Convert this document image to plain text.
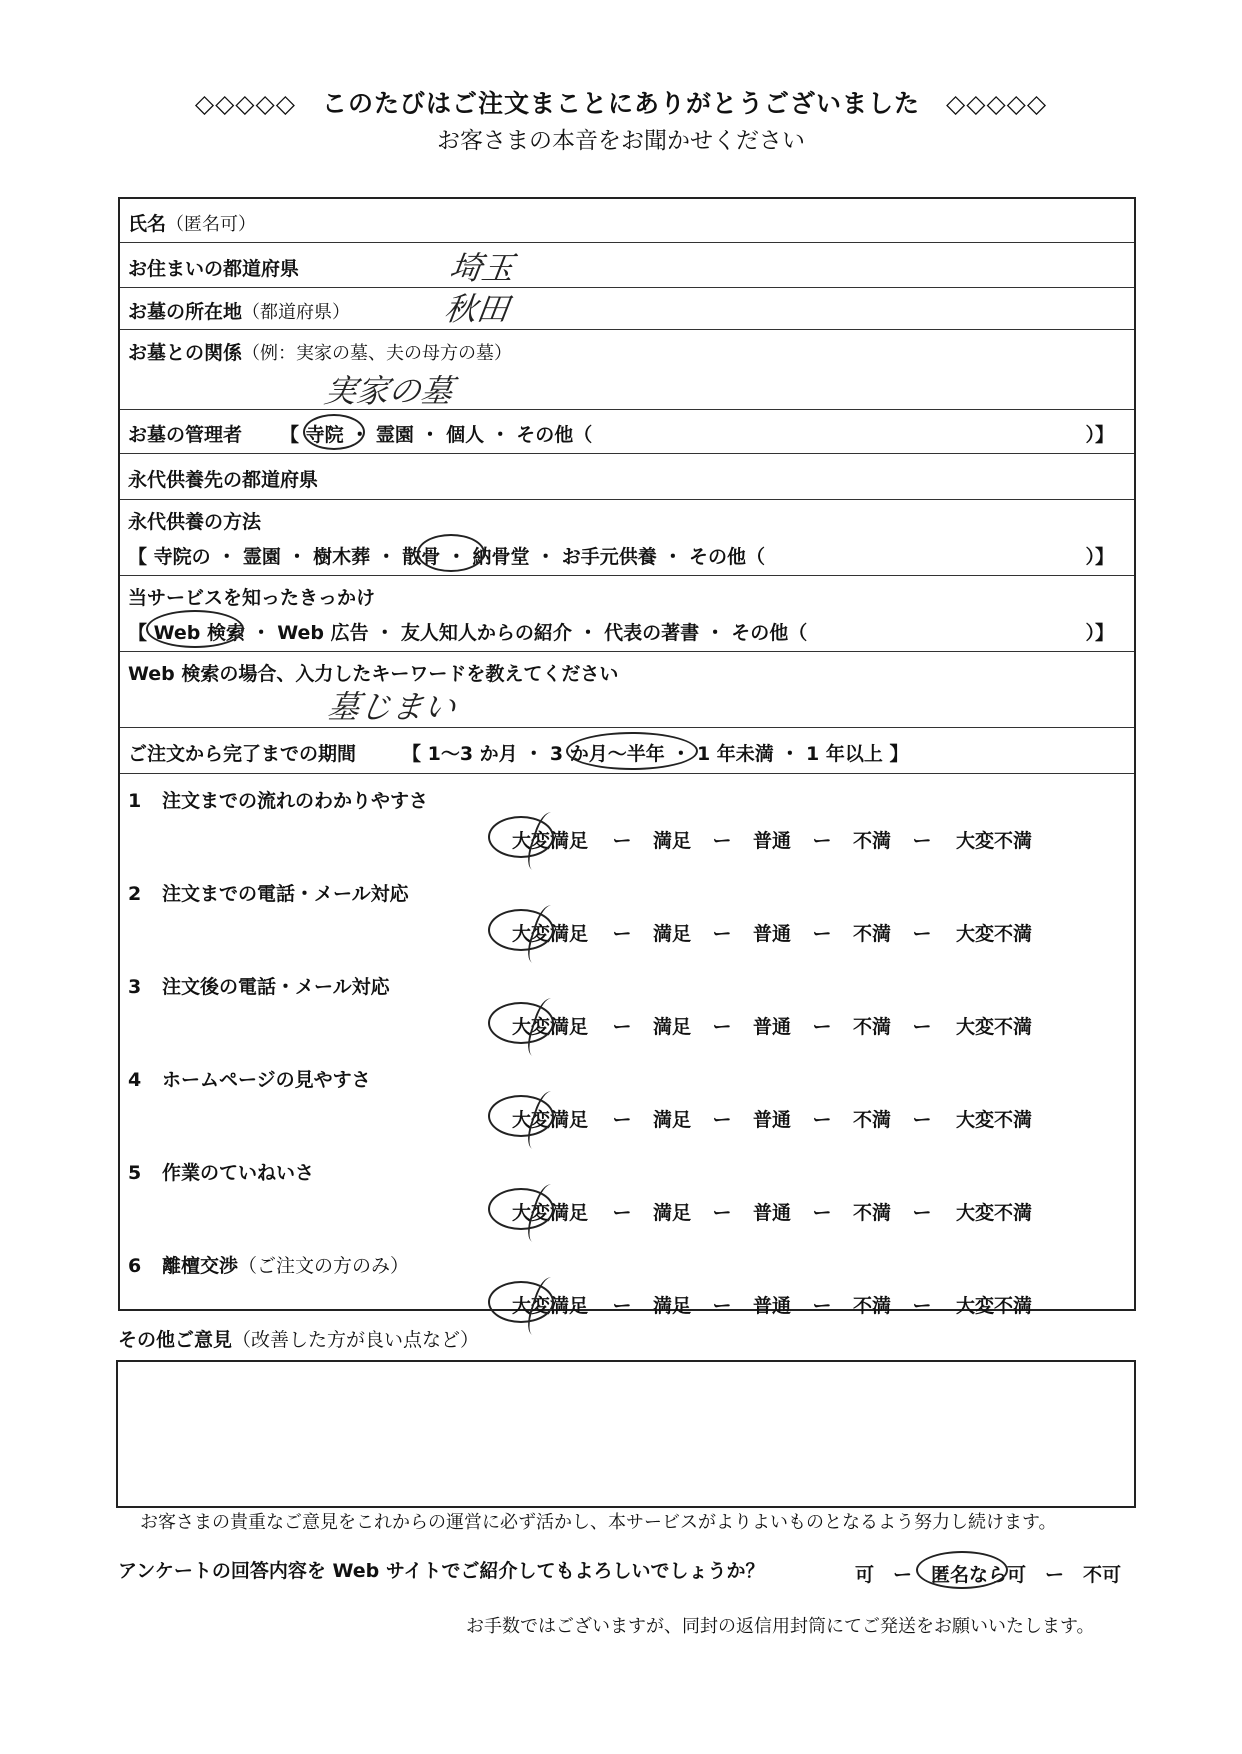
◇◇◇◇◇　このたびはご注文まことにありがとうございました　◇◇◇◇◇
お客さまの本音をお聞かせください
氏名（匿名可）
お住まいの都道府県	埼玉
お墓の所在地（都道府県）	秋田
お墓との関係（例：実家の墓、夫の母方の墓）
実家の墓
お墓の管理者 【 寺院 ・ 霊園 ・ 個人 ・ その他（	）】
永代供養先の都道府県
永代供養の方法
【 寺院の ・ 霊園 ・ 樹木葬 ・ 散骨 ・ 納骨堂 ・ お手元供養 ・ その他（	）】
当サービスを知ったきっかけ
【 Web 検索 ・ Web 広告 ・ 友人知人からの紹介 ・ 代表の著書 ・ その他（	）】
Web 検索の場合、入力したキーワードを教えてください
墓じまい
ご注文から完了までの期間 【 1～3 か月 ・ 3 か月～半年 ・ 1 年未満 ・ 1 年以上 】
1 注文までの流れのわかりやすさ
大変満足	ー	満足	ー	普通	ー	不満	ー	大変不満
2 注文までの電話・メール対応
大変満足	ー	満足	ー	普通	ー	不満	ー	大変不満
3 注文後の電話・メール対応
大変満足	ー	満足	ー	普通	ー	不満	ー	大変不満
4 ホームページの見やすさ
大変満足	ー	満足	ー	普通	ー	不満	ー	大変不満
5 作業のていねいさ
大変満足	ー	満足	ー	普通	ー	不満	ー	大変不満
6 離檀交渉（ご注文の方のみ）
大変満足	ー	満足	ー	普通	ー	不満	ー	大変不満
その他ご意見（改善した方が良い点など）
お客さまの貴重なご意見をこれからの運営に必ず活かし、本サービスがよりよいものとなるよう努力し続けます。
アンケートの回答内容を Web サイトでご紹介してもよろしいでしょうか？	可　ー　匿名なら可　ー　不可
お手数ではございますが、同封の返信用封筒にてご発送をお願いいたします。
